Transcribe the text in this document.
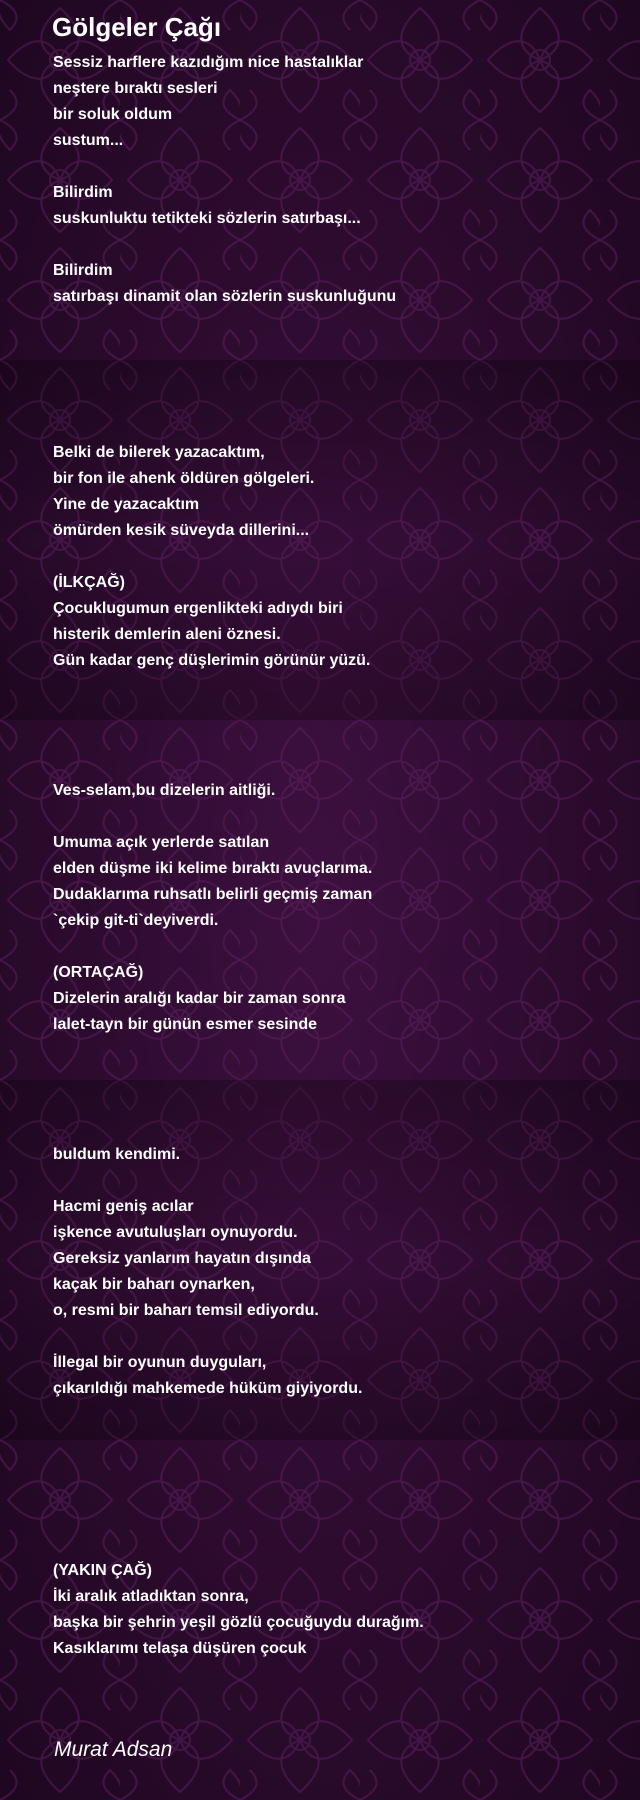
Gölgeler Çağı
Sessiz harflere kazıdığım nice hastalıklar
neştere bıraktı sesleri
bir soluk oldum
sustum...
Bilirdim
suskunluktu tetikteki sözlerin satırbaşı...
Bilirdim
satırbaşı dinamit olan sözlerin suskunluğunu
Belki de bilerek yazacaktım,
bir fon ile ahenk öldüren gölgeleri.
Yine de yazacaktım
ömürden kesik süveyda dillerini...
(İLKÇAĞ)
Çocuklugumun ergenlikteki adıydı biri
histerik demlerin aleni öznesi.
Gün kadar genç düşlerimin görünür yüzü.
Ves-selam,bu dizelerin aitliği.
Umuma açık yerlerde satılan
elden düşme iki kelime bıraktı avuçlarıma.
Dudaklarıma ruhsatlı belirli geçmiş zaman
`çekip git-ti`deyiverdi.
(ORTAÇAĞ)
Dizelerin aralığı kadar bir zaman sonra
lalet-tayn bir günün esmer sesinde
buldum kendimi.
Hacmi geniş acılar
işkence avutuluşları oynuyordu.
Gereksiz yanlarım hayatın dışında
kaçak bir baharı oynarken,
o, resmi bir baharı temsil ediyordu.
İllegal bir oyunun duyguları,
çıkarıldığı mahkemede hüküm giyiyordu.
(YAKIN ÇAĞ)
İki aralık atladıktan sonra,
başka bir şehrin yeşil gözlü çocuğuydu durağım.
Kasıklarımı telaşa düşüren çocuk
Murat Adsan
